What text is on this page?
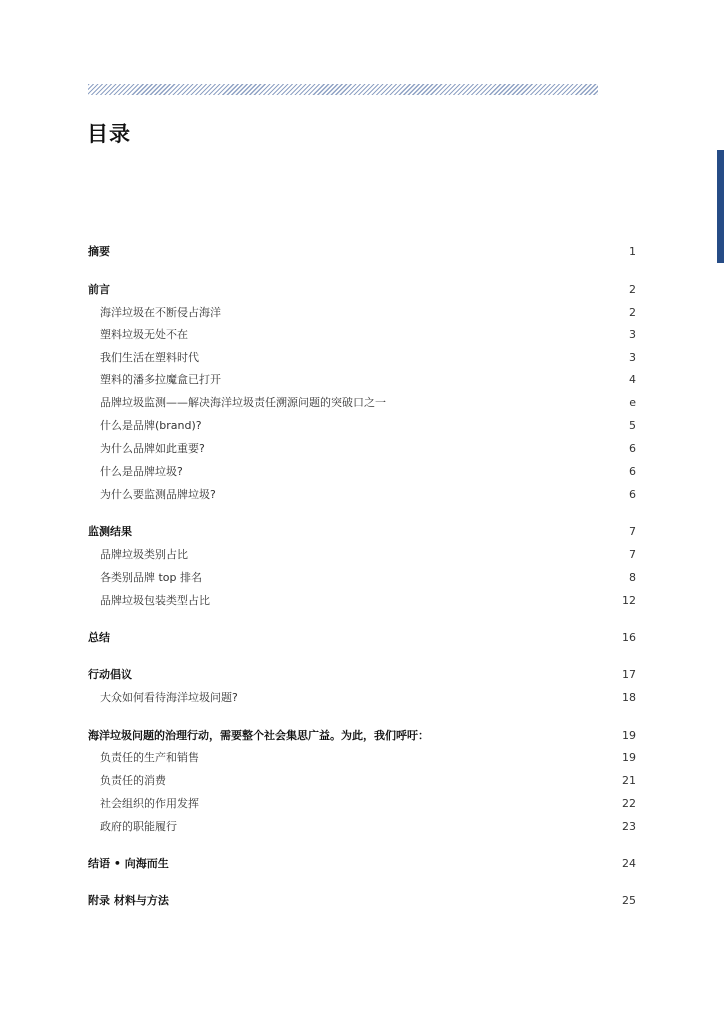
目录
摘要	1
前言	2
海洋垃圾在不断侵占海洋	2
塑料垃圾无处不在	3
我们生活在塑料时代	3
塑料的潘多拉魔盒已打开	4
品牌垃圾监测——解决海洋垃圾责任溯源问题的突破口之一	e
什么是品牌(brand)?	5
为什么品牌如此重要?	6
什么是品牌垃圾?	6
为什么要监测品牌垃圾?	6
监测结果	7
品牌垃圾类别占比	7
各类别品牌 top 排名	8
品牌垃圾包装类型占比	12
总结	16
行动倡议	17
大众如何看待海洋垃圾问题?	18
海洋垃圾问题的治理行动，需要整个社会集思广益。为此，我们呼吁：	19
负责任的生产和销售	19
负责任的消费	21
社会组织的作用发挥	22
政府的职能履行	23
结语 • 向海而生	24
附录 材料与方法	25
